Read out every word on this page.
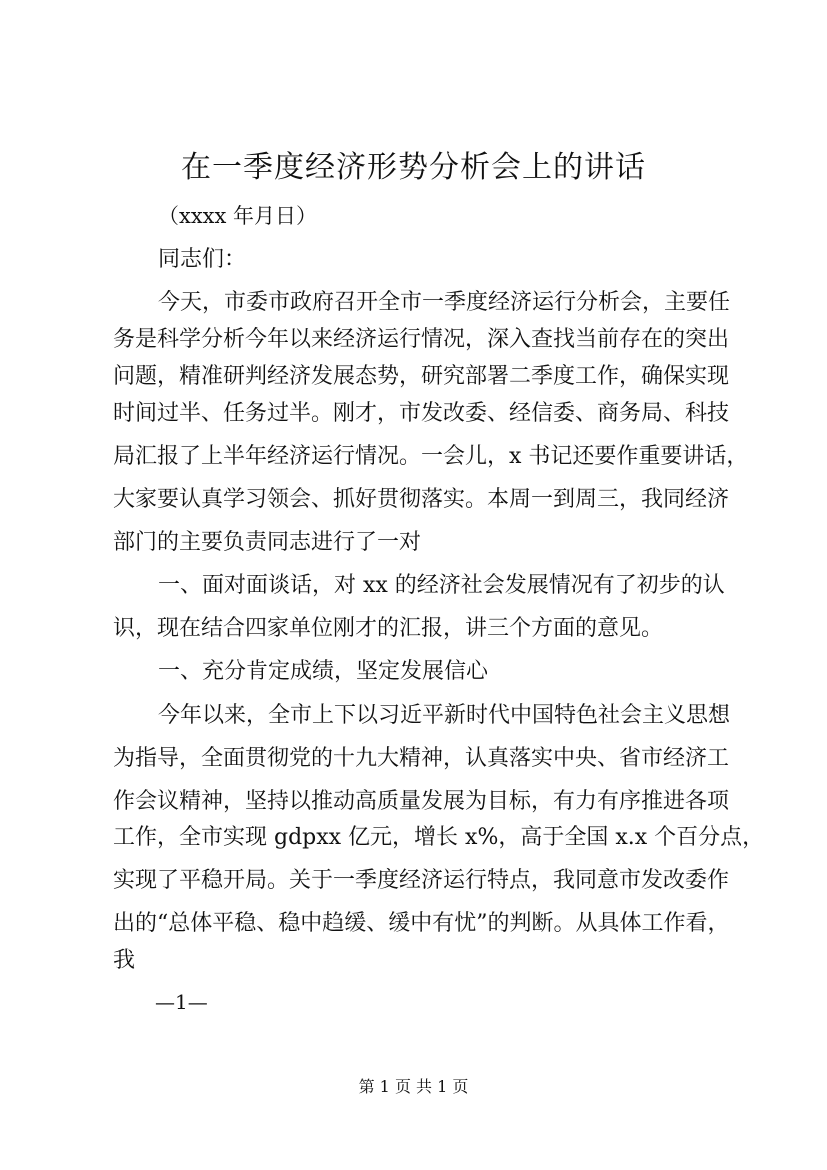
在一季度经济形势分析会上的讲话

（xxxx 年月日）

同志们：

今天，市委市政府召开全市一季度经济运行分析会，主要任

务是科学分析今年以来经济运行情况，深入查找当前存在的突出

问题，精准研判经济发展态势，研究部署二季度工作，确保实现

时间过半、任务过半。刚才，市发改委、经信委、商务局、科技

局汇报了上半年经济运行情况。一会儿，x 书记还要作重要讲话，

大家要认真学习领会、抓好贯彻落实。本周一到周三，我同经济

部门的主要负责同志进行了一对

一、面对面谈话，对 xx 的经济社会发展情况有了初步的认

识，现在结合四家单位刚才的汇报，讲三个方面的意见。

一、充分肯定成绩，坚定发展信心

今年以来，全市上下以习近平新时代中国特色社会主义思想

为指导，全面贯彻党的十九大精神，认真落实中央、省市经济工

作会议精神，坚持以推动高质量发展为目标，有力有序推进各项

工作，全市实现 gdpxx 亿元，增长 x%，高于全国 x.x 个百分点，

实现了平稳开局。关于一季度经济运行特点，我同意市发改委作

出的“总体平稳、稳中趋缓、缓中有忧”的判断。从具体工作看，

我

—1—
第 1 页 共 1 页
